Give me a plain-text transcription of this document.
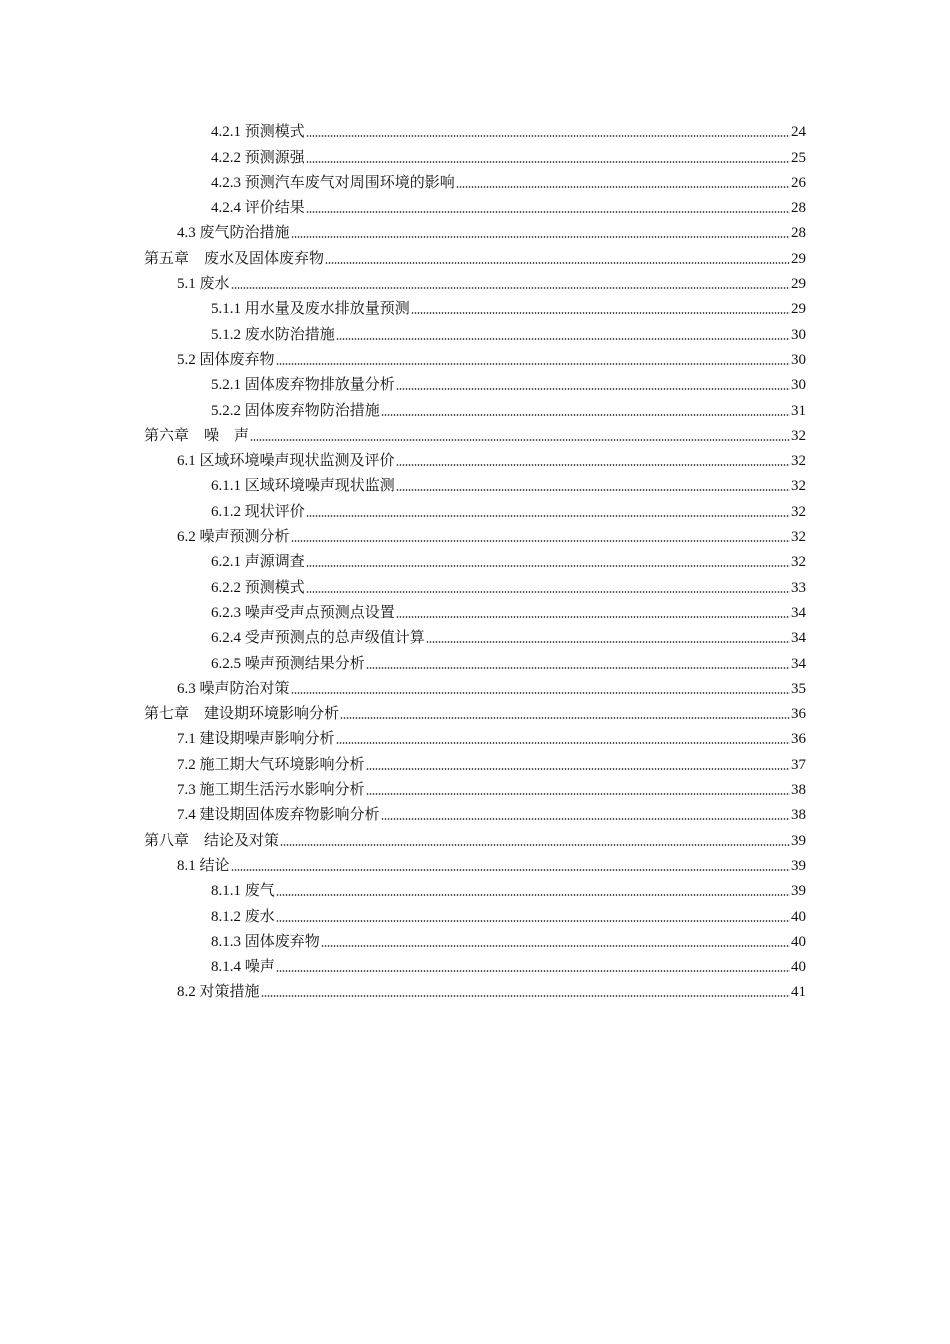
4.2.1 预测模式	24
4.2.2 预测源强	25
4.2.3 预测汽车废气对周围环境的影响	26
4.2.4 评价结果	28
4.3 废气防治措施	28
第五章　废水及固体废弃物	29
5.1 废水	29
5.1.1 用水量及废水排放量预测	29
5.1.2 废水防治措施	30
5.2 固体废弃物	30
5.2.1 固体废弃物排放量分析	30
5.2.2 固体废弃物防治措施	31
第六章　噪　声	32
6.1 区域环境噪声现状监测及评价	32
6.1.1 区域环境噪声现状监测	32
6.1.2 现状评价	32
6.2 噪声预测分析	32
6.2.1 声源调查	32
6.2.2 预测模式	33
6.2.3 噪声受声点预测点设置	34
6.2.4 受声预测点的总声级值计算	34
6.2.5 噪声预测结果分析	34
6.3 噪声防治对策	35
第七章　建设期环境影响分析	36
7.1 建设期噪声影响分析	36
7.2 施工期大气环境影响分析	37
7.3 施工期生活污水影响分析	38
7.4 建设期固体废弃物影响分析	38
第八章　结论及对策	39
8.1 结论	39
8.1.1 废气	39
8.1.2 废水	40
8.1.3 固体废弃物	40
8.1.4 噪声	40
8.2 对策措施	41
